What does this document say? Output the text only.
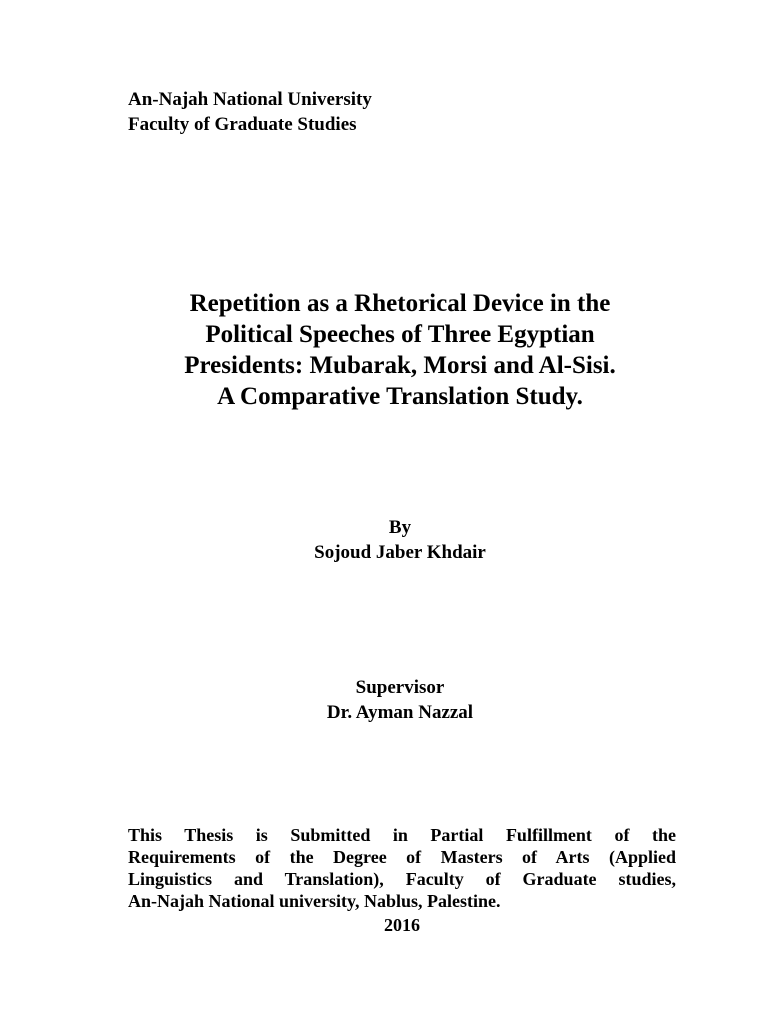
An-Najah National University
Faculty of Graduate Studies
Repetition as a Rhetorical Device in the
Political Speeches of Three Egyptian
Presidents: Mubarak, Morsi and Al-Sisi.
A Comparative Translation Study.
By
Sojoud Jaber Khdair
Supervisor
Dr. Ayman Nazzal
This Thesis is Submitted in Partial Fulfillment of the
Requirements of the Degree of Masters of Arts (Applied
Linguistics and Translation), Faculty of Graduate studies,
An-Najah National university, Nablus, Palestine.
2016
